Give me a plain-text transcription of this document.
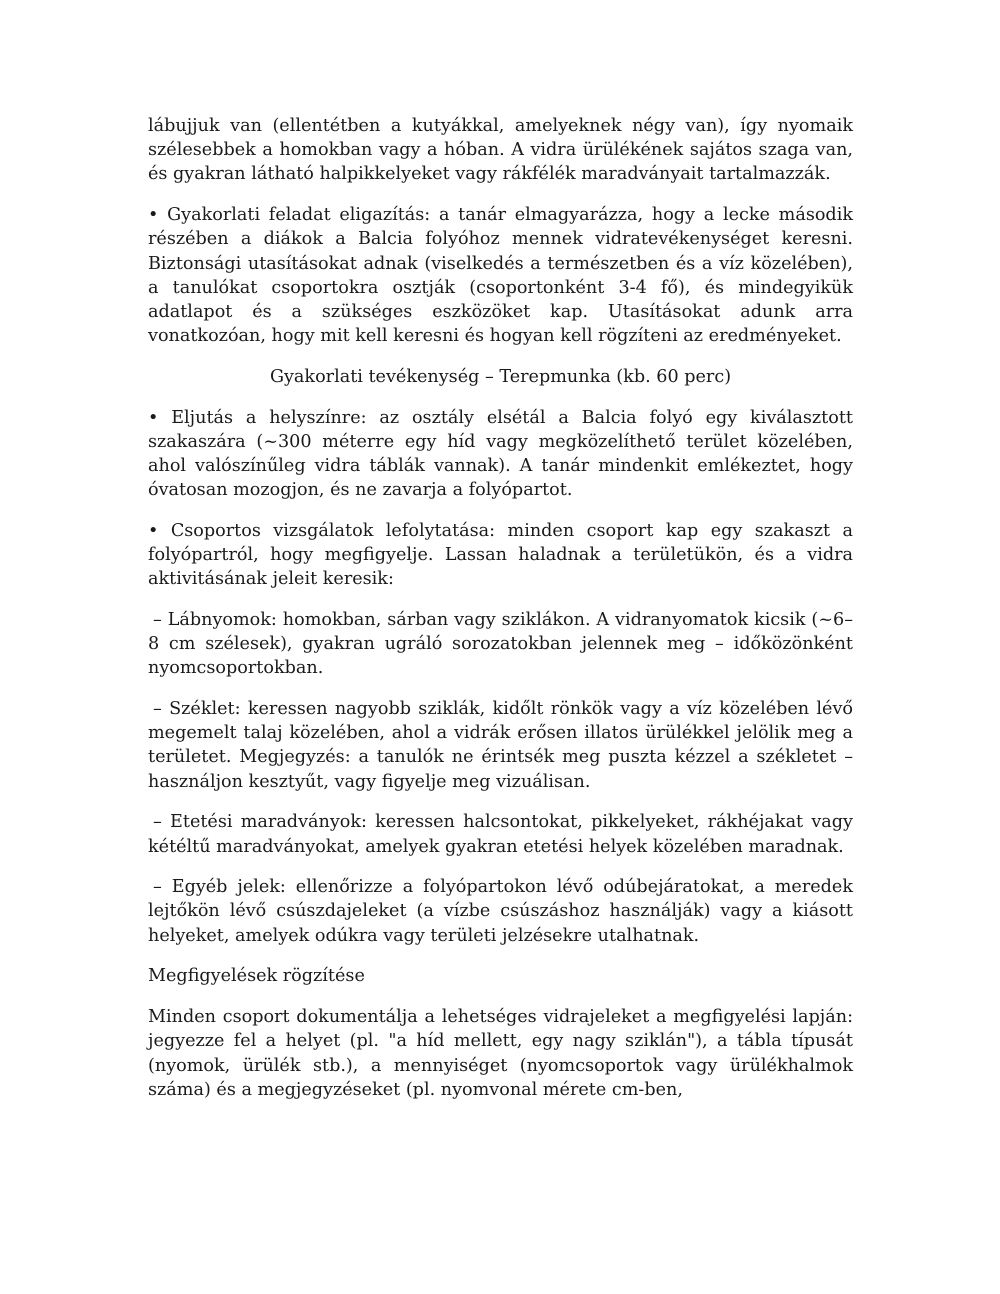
lábujjuk van (ellentétben a kutyákkal, amelyeknek négy van), így nyomaik szélesebbek a homokban vagy a hóban. A vidra ürülékének sajátos szaga van, és gyakran látható halpikkelyeket vagy rákfélék maradványait tartalmazzák.

• Gyakorlati feladat eligazítás: a tanár elmagyarázza, hogy a lecke második részében a diákok a Balcia folyóhoz mennek vidratevékenységet keresni. Biztonsági utasításokat adnak (viselkedés a természetben és a víz közelében), a tanulókat csoportokra osztják (csoportonként 3-4 fő), és mindegyikük adatlapot és a szükséges eszközöket kap. Utasításokat adunk arra vonatkozóan, hogy mit kell keresni és hogyan kell rögzíteni az eredményeket.

Gyakorlati tevékenység – Terepmunka (kb. 60 perc)

• Eljutás a helyszínre: az osztály elsétál a Balcia folyó egy kiválasztott szakaszára (~300 méterre egy híd vagy megközelíthető terület közelében, ahol valószínűleg vidra táblák vannak). A tanár mindenkit emlékeztet, hogy óvatosan mozogjon, és ne zavarja a folyópartot.

• Csoportos vizsgálatok lefolytatása: minden csoport kap egy szakaszt a folyópartról, hogy megfigyelje. Lassan haladnak a területükön, és a vidra aktivitásának jeleit keresik:

– Lábnyomok: homokban, sárban vagy sziklákon. A vidranyomatok kicsik (~6–8 cm szélesek), gyakran ugráló sorozatokban jelennek meg – időközönként nyomcsoportokban.

– Széklet: keressen nagyobb sziklák, kidőlt rönkök vagy a víz közelében lévő megemelt talaj közelében, ahol a vidrák erősen illatos ürülékkel jelölik meg a területet. Megjegyzés: a tanulók ne érintsék meg puszta kézzel a székletet – használjon kesztyűt, vagy figyelje meg vizuálisan.

– Etetési maradványok: keressen halcsontokat, pikkelyeket, rákhéjakat vagy kétéltű maradványokat, amelyek gyakran etetési helyek közelében maradnak.

– Egyéb jelek: ellenőrizze a folyópartokon lévő odúbejáratokat, a meredek lejtőkön lévő csúszdajeleket (a vízbe csúszáshoz használják) vagy a kiásott helyeket, amelyek odúkra vagy területi jelzésekre utalhatnak.

Megfigyelések rögzítése

Minden csoport dokumentálja a lehetséges vidrajeleket a megfigyelési lapján: jegyezze fel a helyet (pl. "a híd mellett, egy nagy sziklán"), a tábla típusát (nyomok, ürülék stb.), a mennyiséget (nyomcsoportok vagy ürülékhalmok száma) és a megjegyzéseket (pl. nyomvonal mérete cm-ben,
